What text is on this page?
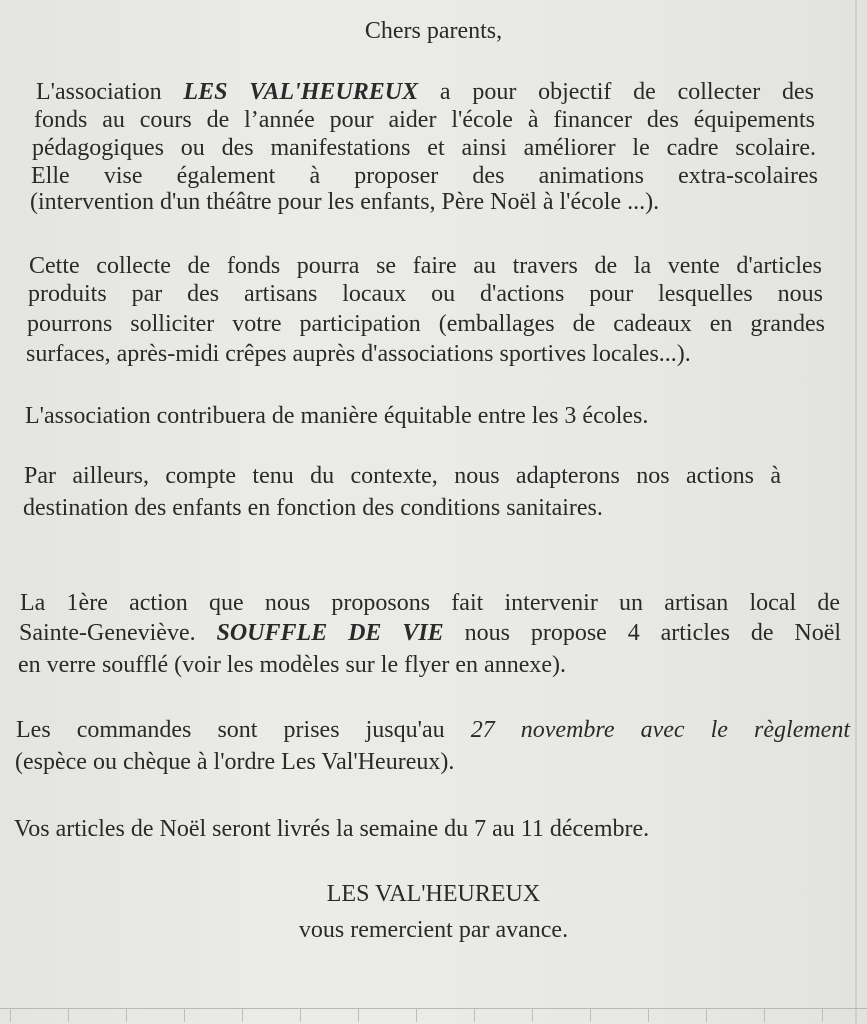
Chers parents,
L'association LES VAL'HEUREUX a pour objectif de collecter des
fonds au cours de l’année pour aider l'école à financer des équipements
pédagogiques ou des manifestations et ainsi améliorer le cadre scolaire.
Elle vise également à proposer des animations extra-scolaires
(intervention d'un théâtre pour les enfants, Père Noël à l'école ...).
Cette collecte de fonds pourra se faire au travers de la vente d'articles
produits par des artisans locaux ou d'actions pour lesquelles nous
pourrons solliciter votre participation (emballages de cadeaux en grandes
surfaces, après-midi crêpes auprès d'associations sportives locales...).
L'association contribuera de manière équitable entre les 3 écoles.
Par ailleurs, compte tenu du contexte, nous adapterons nos actions à
destination des enfants en fonction des conditions sanitaires.
La 1ère action que nous proposons fait intervenir un artisan local de
Sainte-Geneviève. SOUFFLE DE VIE nous propose 4 articles de Noël
en verre soufflé (voir les modèles sur le flyer en annexe).
Les commandes sont prises jusqu'au 27 novembre avec le règlement
(espèce ou chèque à l'ordre Les Val'Heureux).
Vos articles de Noël seront livrés la semaine du 7 au 11 décembre.
LES VAL'HEUREUX
vous remercient par avance.
